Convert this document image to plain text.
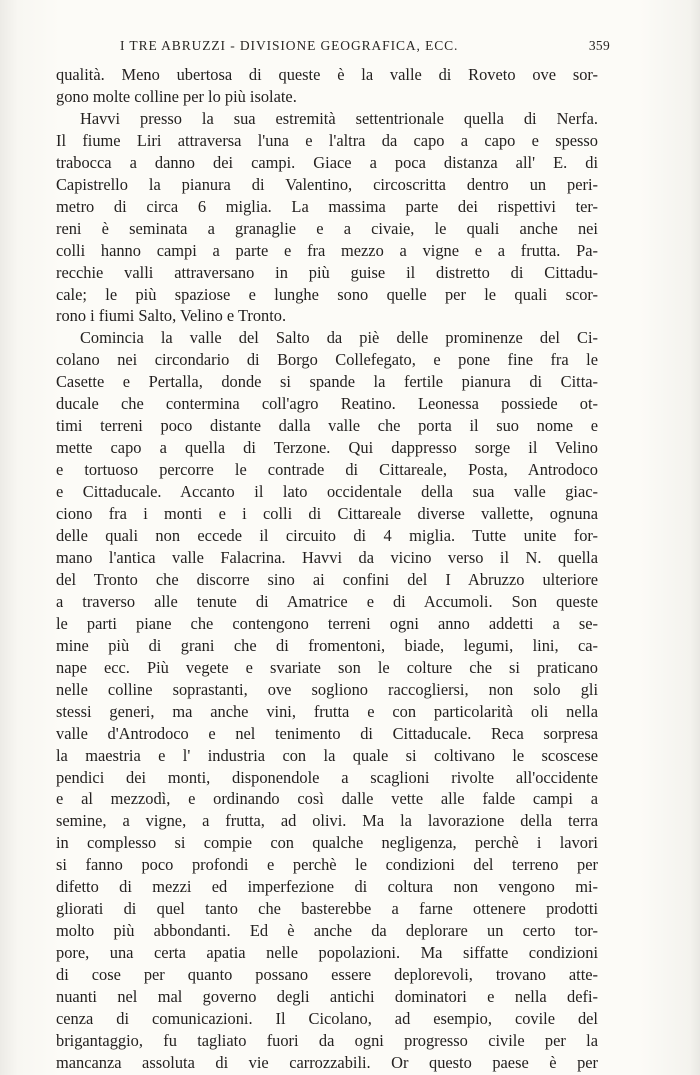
I TRE ABRUZZI - DIVISIONE GEOGRAFICA, ECC.	359
qualità. Meno ubertosa di queste è la valle di Roveto ove sor-
gono molte colline per lo più isolate.
Havvi presso la sua estremità settentrionale quella di Nerfa.
Il fiume Liri attraversa l'una e l'altra da capo a capo e spesso
trabocca a danno dei campi. Giace a poca distanza all' E. di
Capistrello la pianura di Valentino, circoscritta dentro un peri-
metro di circa 6 miglia. La massima parte dei rispettivi ter-
reni è seminata a granaglie e a civaie, le quali anche nei
colli hanno campi a parte e fra mezzo a vigne e a frutta. Pa-
recchie valli attraversano in più guise il distretto di Cittadu-
cale; le più spaziose e lunghe sono quelle per le quali scor-
rono i fiumi Salto, Velino e Tronto.
Comincia la valle del Salto da piè delle prominenze del Ci-
colano nei circondario di Borgo Collefegato, e pone fine fra le
Casette e Pertalla, donde si spande la fertile pianura di Citta-
ducale che contermina coll'agro Reatino. Leonessa possiede ot-
timi terreni poco distante dalla valle che porta il suo nome e
mette capo a quella di Terzone. Qui dappresso sorge il Velino
e tortuoso percorre le contrade di Cittareale, Posta, Antrodoco
e Cittaducale. Accanto il lato occidentale della sua valle giac-
ciono fra i monti e i colli di Cittareale diverse vallette, ognuna
delle quali non eccede il circuito di 4 miglia. Tutte unite for-
mano l'antica valle Falacrina. Havvi da vicino verso il N. quella
del Tronto che discorre sino ai confini del I Abruzzo ulteriore
a traverso alle tenute di Amatrice e di Accumoli. Son queste
le parti piane che contengono terreni ogni anno addetti a se-
mine più di grani che di fromentoni, biade, legumi, lini, ca-
nape ecc. Più vegete e svariate son le colture che si praticano
nelle colline soprastanti, ove sogliono raccogliersi, non solo gli
stessi generi, ma anche vini, frutta e con particolarità oli nella
valle d'Antrodoco e nel tenimento di Cittaducale. Reca sorpresa
la maestria e l' industria con la quale si coltivano le scoscese
pendici dei monti, disponendole a scaglioni rivolte all'occidente
e al mezzodì, e ordinando così dalle vette alle falde campi a
semine, a vigne, a frutta, ad olivi. Ma la lavorazione della terra
in complesso si compie con qualche negligenza, perchè i lavori
si fanno poco profondi e perchè le condizioni del terreno per
difetto di mezzi ed imperfezione di coltura non vengono mi-
gliorati di quel tanto che basterebbe a farne ottenere prodotti
molto più abbondanti. Ed è anche da deplorare un certo tor-
pore, una certa apatia nelle popolazioni. Ma siffatte condizioni
di cose per quanto possano essere deplorevoli, trovano atte-
nuanti nel mal governo degli antichi dominatori e nella defi-
cenza di comunicazioni. Il Cicolano, ad esempio, covile del
brigantaggio, fu tagliato fuori da ogni progresso civile per la
mancanza assoluta di vie carrozzabili. Or questo paese è per
